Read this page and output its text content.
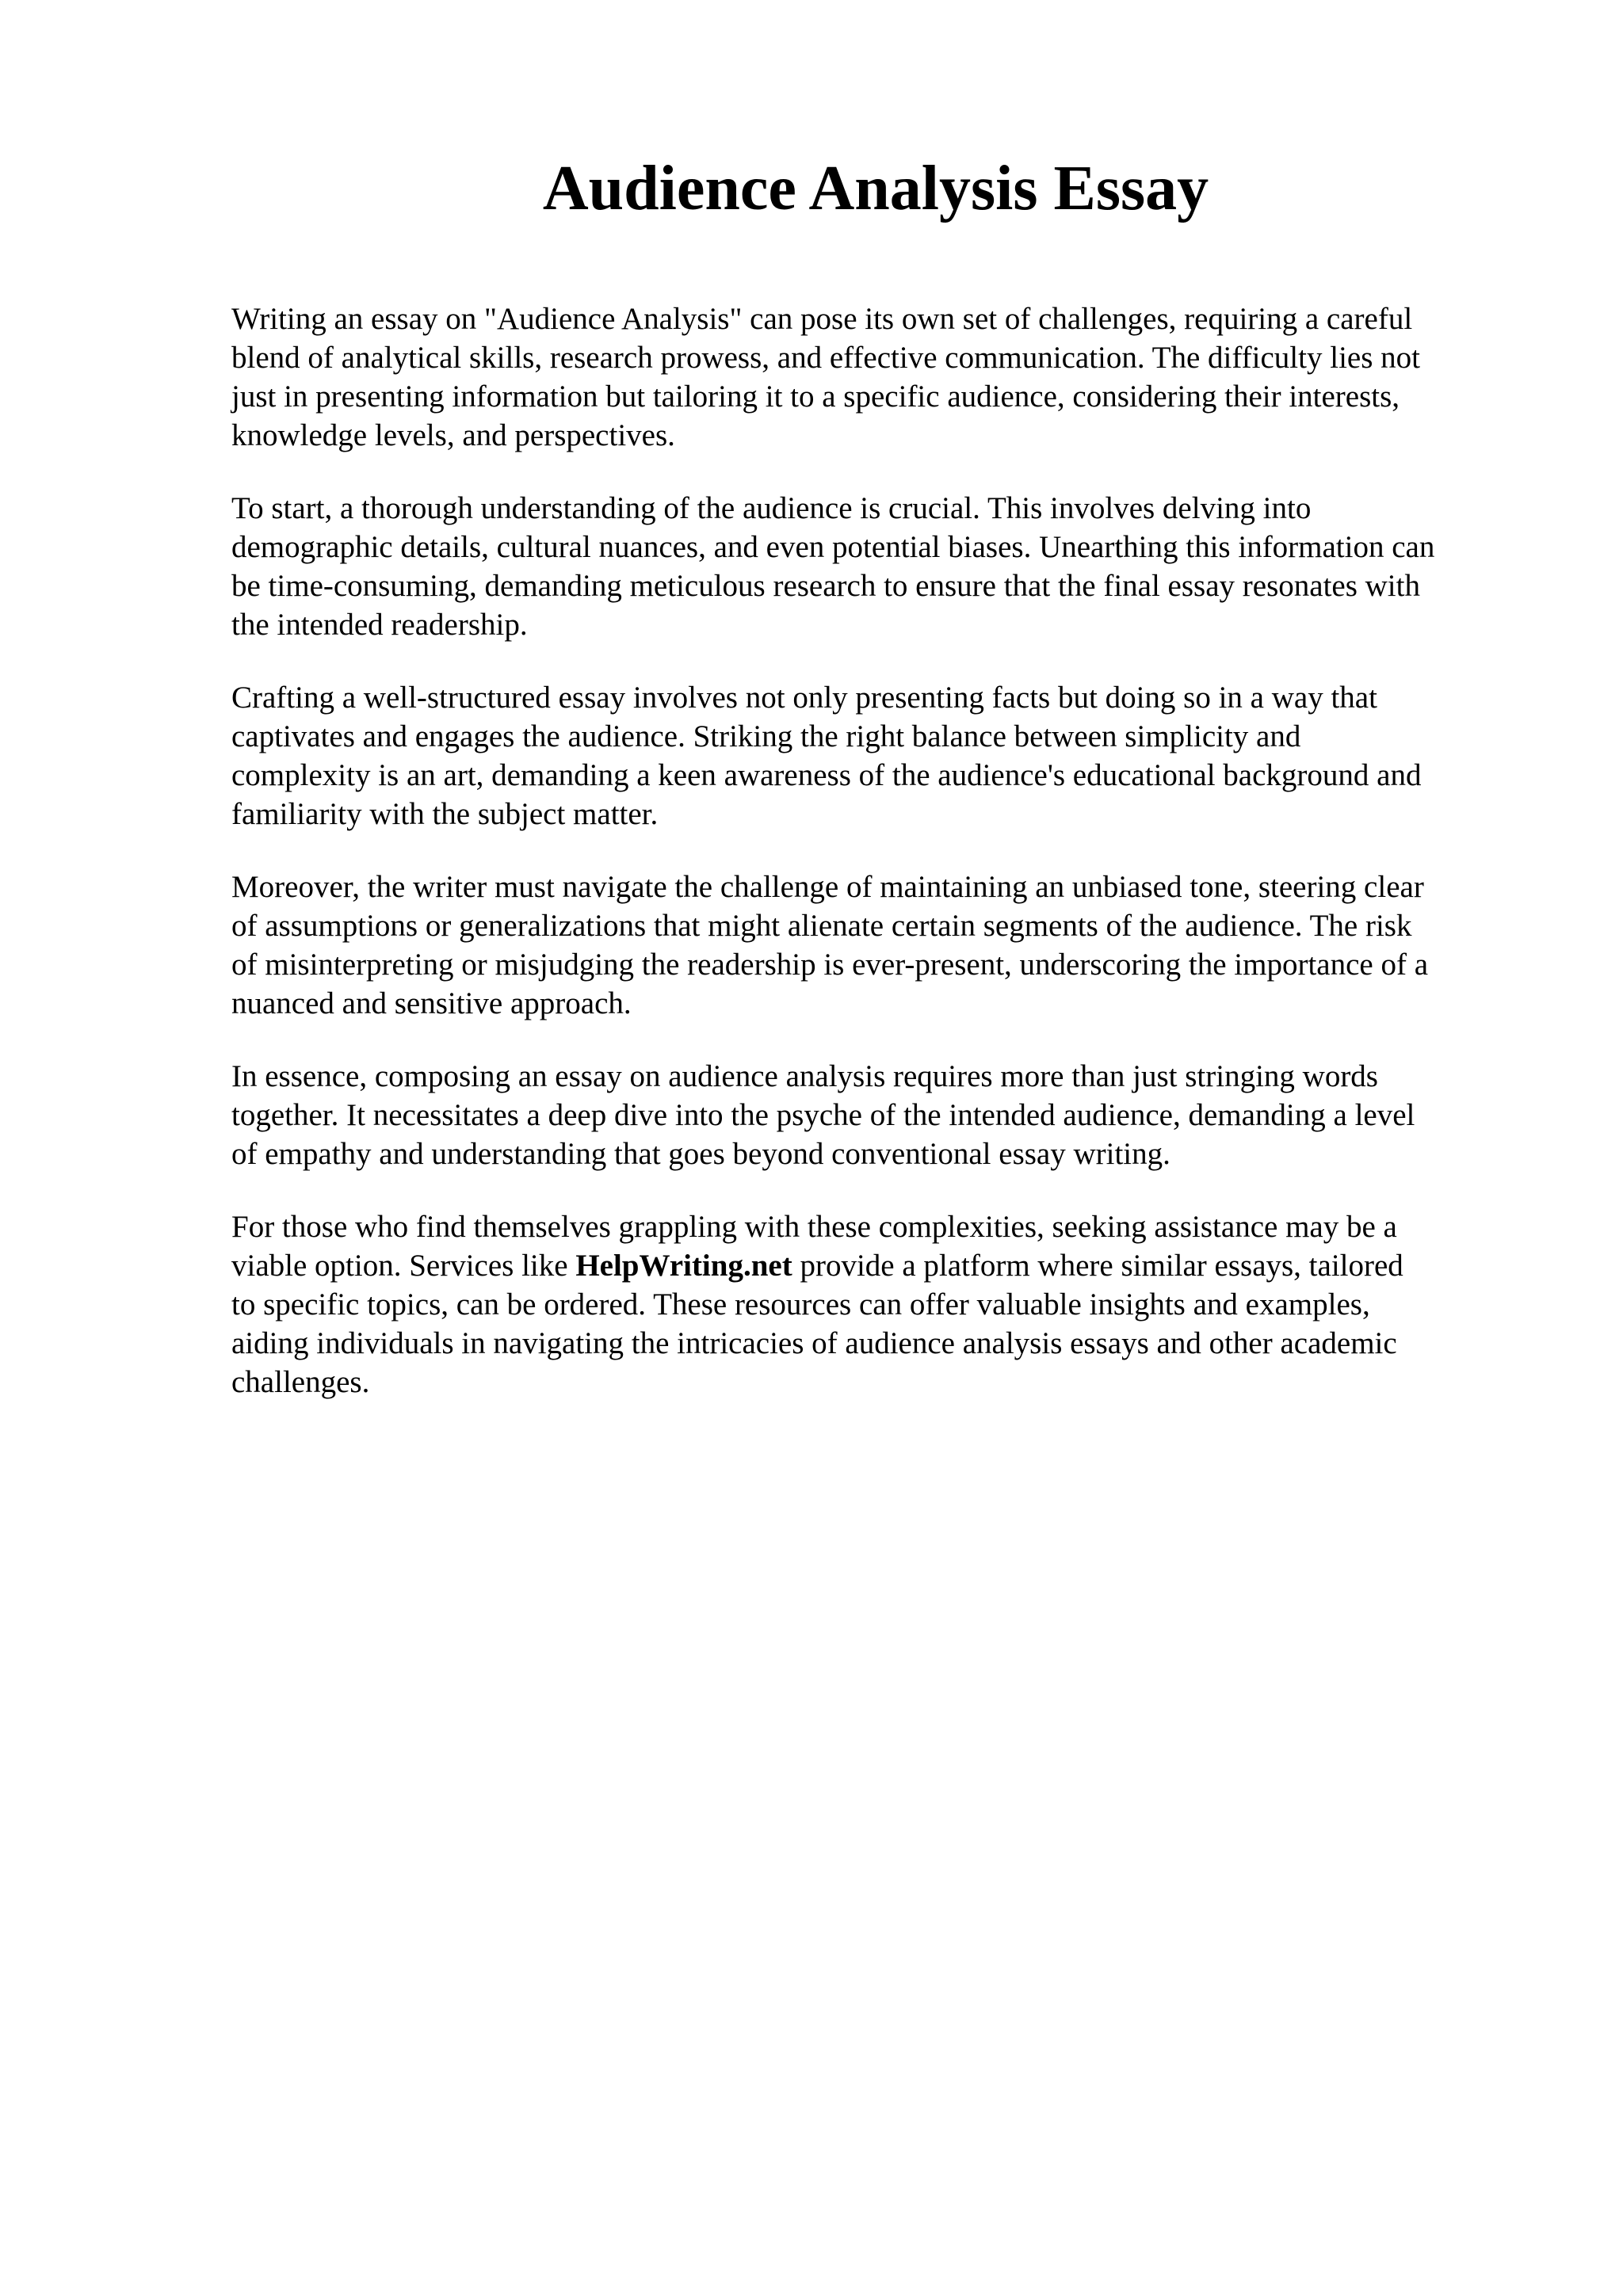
Audience Analysis Essay

Writing an essay on "Audience Analysis" can pose its own set of challenges, requiring a careful
blend of analytical skills, research prowess, and effective communication. The difficulty lies not
just in presenting information but tailoring it to a specific audience, considering their interests,
knowledge levels, and perspectives.

To start, a thorough understanding of the audience is crucial. This involves delving into
demographic details, cultural nuances, and even potential biases. Unearthing this information can
be time-consuming, demanding meticulous research to ensure that the final essay resonates with
the intended readership.

Crafting a well-structured essay involves not only presenting facts but doing so in a way that
captivates and engages the audience. Striking the right balance between simplicity and
complexity is an art, demanding a keen awareness of the audience's educational background and
familiarity with the subject matter.

Moreover, the writer must navigate the challenge of maintaining an unbiased tone, steering clear
of assumptions or generalizations that might alienate certain segments of the audience. The risk
of misinterpreting or misjudging the readership is ever-present, underscoring the importance of a
nuanced and sensitive approach.

In essence, composing an essay on audience analysis requires more than just stringing words
together. It necessitates a deep dive into the psyche of the intended audience, demanding a level
of empathy and understanding that goes beyond conventional essay writing.

For those who find themselves grappling with these complexities, seeking assistance may be a
viable option. Services like HelpWriting.net provide a platform where similar essays, tailored
to specific topics, can be ordered. These resources can offer valuable insights and examples,
aiding individuals in navigating the intricacies of audience analysis essays and other academic
challenges.
